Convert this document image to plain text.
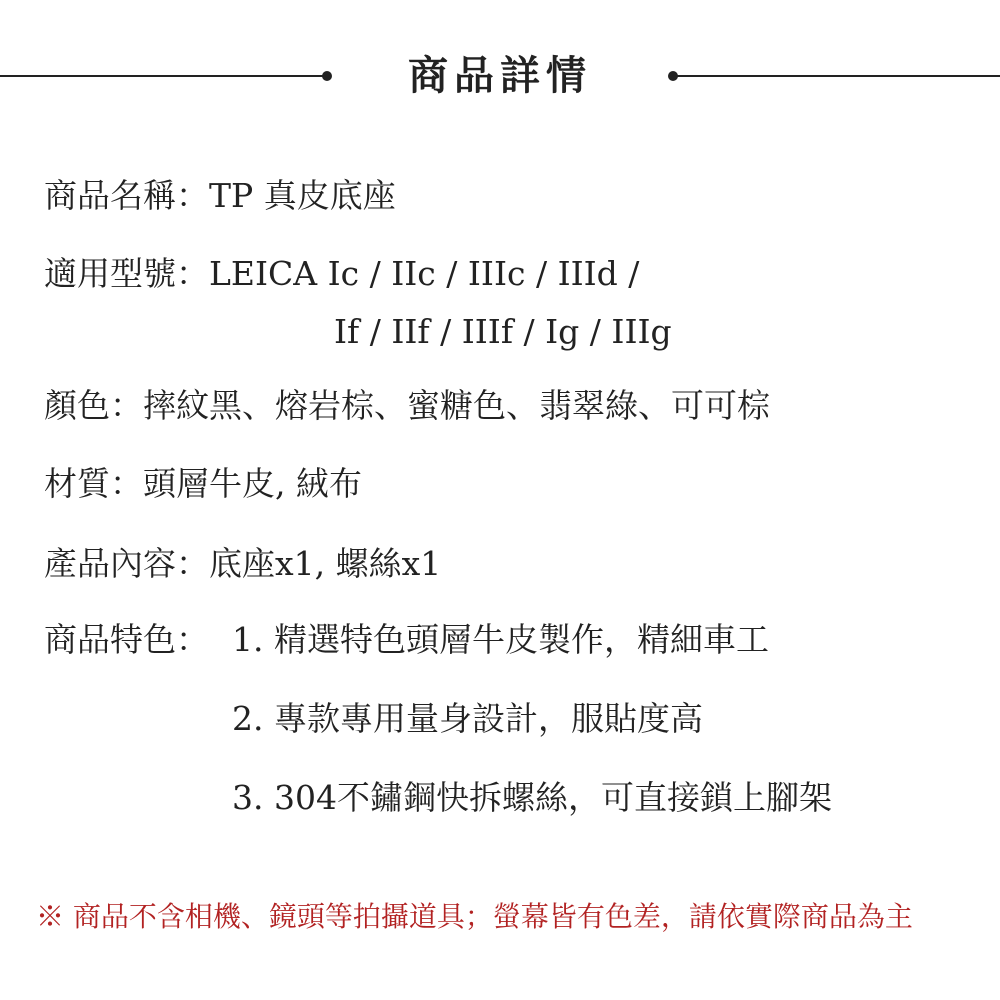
商品詳情
商品名稱：TP 真皮底座
適用型號：LEICA Ic / IIc / IIIc / IIId /
If / IIf / IIIf / Ig / IIIg
顏色：摔紋黑、熔岩棕、蜜糖色、翡翠綠、可可棕
材質：頭層牛皮, 絨布
產品內容：底座x1, 螺絲x1
商品特色： 1. 精選特色頭層牛皮製作，精細車工
2. 專款專用量身設計，服貼度高
3. 304不鏽鋼快拆螺絲，可直接鎖上腳架
※ 商品不含相機、鏡頭等拍攝道具；螢幕皆有色差，請依實際商品為主
